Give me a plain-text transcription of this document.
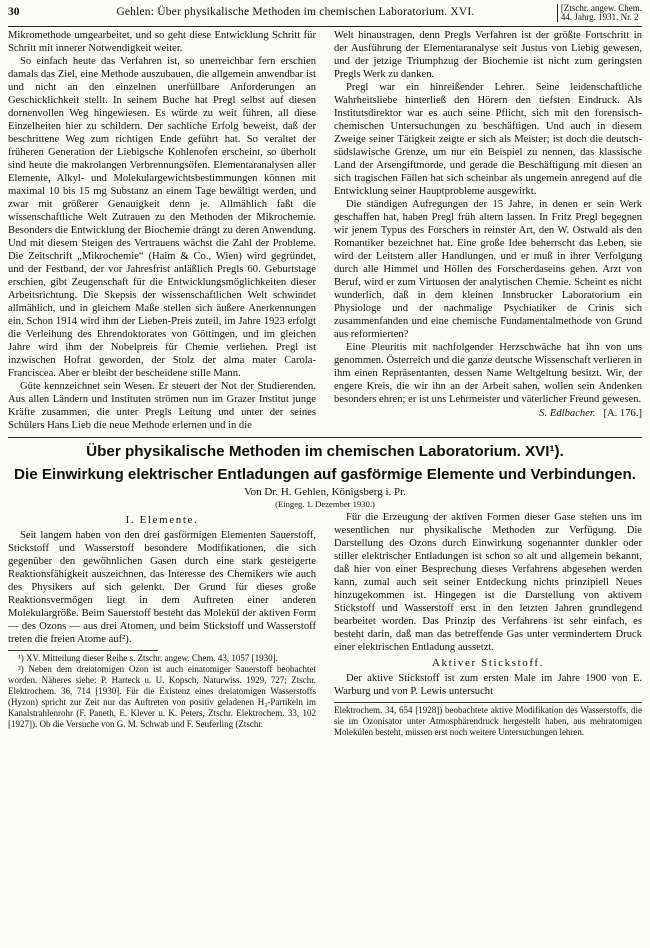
30	Gehlen: Über physikalische Methoden im chemischen Laboratorium. XVI.	[Ztschr. angew. Chem.
44. Jahrg. 1931. Nr. 2

Mikromethode umgearbeitet, und so geht diese Entwicklung Schritt für Schritt mit innerer Notwendigkeit weiter.

So einfach heute das Verfahren ist, so unerreichbar fern erschien damals das Ziel, eine Methode auszubauen, die allgemein anwendbar ist und nicht an den einzelnen unerfüllbare Anforderungen an Geschicklichkeit stellt. In seinem Buche hat Pregl selbst auf diesen dornenvollen Weg hingewiesen. Es würde zu weit führen, all diese Einzelheiten hier zu schildern. Der sachliche Erfolg beweist, daß der beschrittene Weg zum richtigen Ende geführt hat. So veraltet der früheren Generation der Liebigsche Kohlenofen erscheint, so überholt sind heute die makrolangen Verbrennungsöfen. Elementaranalysen aller Elemente, Alkyl- und Molekulargewichtsbestimmungen können mit maximal 10 bis 15 mg Substanz an einem Tage bewältigt werden, und zwar mit größerer Genauigkeit denn je. Allmählich faßt die wissenschaftliche Welt Zutrauen zu den Methoden der Mikrochemie. Besonders die Entwicklung der Biochemie drängt zu deren Anwendung. Und mit diesem Steigen des Vertrauens wächst die Zahl der Probleme. Die Zeitschrift „Mikrochemie“ (Haim & Co., Wien) wird gegründet, und der Festband, der vor Jahresfrist anläßlich Pregls 60. Geburtstage erschien, gibt Zeugenschaft für die Entwicklungsmöglichkeiten dieser Arbeitsrichtung. Die Skepsis der wissenschaftlichen Welt schwindet allmählich, und in gleichem Maße stellen sich äußere Anerkennungen ein. Schon 1914 wird ihm der Lieben-Preis zuteil, im Jahre 1923 erfolgt die Verleihung des Ehrendoktorates von Göttingen, und im gleichen Jahre wird ihm der Nobelpreis für Chemie verliehen. Pregl ist inzwischen Hofrat geworden, der Stolz der alma mater Carola-Franciscea. Aber er bleibt der bescheidene stille Mann.

Güte kennzeichnet sein Wesen. Er steuert der Not der Studierenden. Aus allen Ländern und Instituten strömen nun im Grazer Institut junge Kräfte zusammen, die unter Pregls Leitung und unter der seines Schülers Hans Lieb die neue Methode erlernen und in die

Welt hinaustragen, denn Pregls Verfahren ist der größte Fortschritt in der Ausführung der Elementaranalyse seit Justus von Liebig gewesen, und der jetzige Triumphzug der Biochemie ist nicht zum geringsten Pregls Werk zu danken.

Pregl war ein hinreißender Lehrer. Seine leidenschaftliche Wahrheitsliebe hinterließ den Hörern den tiefsten Eindruck. Als Institutsdirektor war es auch seine Pflicht, sich mit den forensisch-chemischen Untersuchungen zu beschäftigen. Und auch in diesem Zweige seiner Tätigkeit zeigte er sich als Meister; ist doch die deutsch-südslawische Grenze, um nur ein Beispiel zu nennen, das klassische Land der Arsengiftmorde, und gerade die Beschäftigung mit diesen an sich tragischen Fällen hat sich scheinbar als ungemein anregend auf die Entwicklung seiner Hauptprobleme ausgewirkt.

Die ständigen Aufregungen der 15 Jahre, in denen er sein Werk geschaffen hat, haben Pregl früh altern lassen. In Fritz Pregl begegnen wir jenem Typus des Forschers in reinster Art, den W. Ostwald als den Romantiker bezeichnet hat. Eine große Idee beherrscht das Leben, sie wird der Leitstern aller Handlungen, und er muß in ihrer Verfolgung durch alle Himmel und Höllen des Forscherdaseins gehen. Arzt von Beruf, wird er zum Virtuosen der analytischen Chemie. Scheint es nicht wunderlich, daß in dem kleinen Innsbrucker Laboratorium ein Physiologe und der nachmalige Psychiatiker de Crinis sich zusammenfanden und eine chemische Fundamentalmethode von Grund aus reformierten?

Eine Pleuritis mit nachfolgender Herzschwäche hat ihn von uns genommen. Österreich und die ganze deutsche Wissenschaft verlieren in ihm einen Repräsentanten, dessen Name Weltgeltung besitzt. Wir, der engere Kreis, die wir ihn an der Arbeit sahen, wollen sein Andenken besonders ehren; er ist uns Lehrmeister und väterlicher Freund gewesen.

S. Edlbacher. [A. 176.]
Über physikalische Methoden im chemischen Laboratorium. XVI¹).
Die Einwirkung elektrischer Entladungen auf gasförmige Elemente und Verbindungen.
Von Dr. H. Gehlen, Königsberg i. Pr.
(Eingeg. 1. Dezember 1930.)
I. Elemente.

Seit langem haben von den drei gasförmigen Elementen Sauerstoff, Stickstoff und Wasserstoff besondere Modifikationen, die sich gegenüber den gewöhnlichen Gasen durch eine stark gesteigerte Reaktionsfähigkeit auszeichnen, das Interesse des Chemikers wie auch des Physikers auf sich gelenkt. Der Grund für dieses große Reaktionsvermögen liegt in dem Auftreten einer anderen Molekulargröße. Beim Sauerstoff besteht das Molekül der aktiven Form — des Ozons — aus drei Atomen, und beim Stickstoff und Wasserstoff treten die freien Atome auf²).

¹) XV. Mitteilung dieser Reihe s. Ztschr. angew. Chem. 43, 1057 [1930].

²) Neben dem dreiatomigen Ozon ist auch einatomiger Sauerstoff beobachtet worden. Näheres siehe: P. Harteck u. U. Kopsch, Naturwiss. 1929, 727; Ztschr. Elektrochem. 36, 714 [1930]. Für die Existenz eines dreiatomigen Wasserstoffs (Hyzon) spricht zur Zeit nur das Auftreten von positiv geladenen H₃-Partikeln im Kanalstrahlenrohr (F. Paneth, E. Klever u. K. Peters, Ztschr. Elektrochem. 33, 102 [1927]). Ob die Versuche von G. M. Schwab und F. Seuferling (Ztschr.

Für die Erzeugung der aktiven Formen dieser Gase stehen uns im wesentlichen nur physikalische Methoden zur Verfügung. Die Darstellung des Ozons durch Einwirkung sogenannter dunkler oder stiller elektrischer Entladungen ist schon so alt und allgemein bekannt, daß hier von einer Besprechung dieses Verfahrens abgesehen werden kann, zumal auch seit seiner Entdeckung nichts prinzipiell Neues hinzugekommen ist. Hingegen ist die Darstellung von aktivem Stickstoff und Wasserstoff erst in den letzten Jahren grundlegend bearbeitet worden. Das Prinzip des Verfahrens ist sehr einfach, es besteht darin, daß man das betreffende Gas unter vermindertem Druck einer elektrischen Entladung aussetzt.

Aktiver Stickstoff.

Der aktive Stickstoff ist zum ersten Male im Jahre 1900 von E. Warburg und von P. Lewis untersucht

Elektrochem. 34, 654 [1928]) beobachtete aktive Modifikation des Wasserstoffs, die sie im Ozonisator unter Atmosphärendruck hergestellt haben, aus mehratomigen Molekülen besteht, müssen erst noch weitere Untersuchungen lehren.
